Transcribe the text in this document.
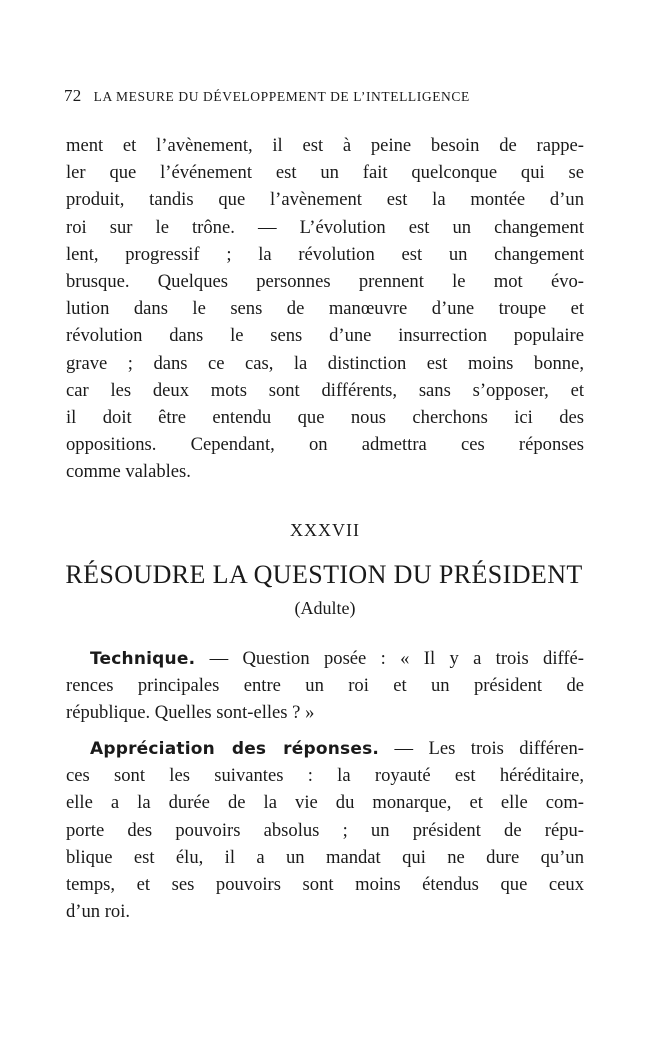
72 LA MESURE DU DÉVELOPPEMENT DE L’INTELLIGENCE
ment et l’avènement, il est à peine besoin de rappe-
ler que l’événement est un fait quelconque qui se
produit, tandis que l’avènement est la montée d’un
roi sur le trône. — L’évolution est un changement
lent, progressif ; la révolution est un changement
brusque. Quelques personnes prennent le mot évo-
lution dans le sens de manœuvre d’une troupe et
révolution dans le sens d’une insurrection populaire
grave ; dans ce cas, la distinction est moins bonne,
car les deux mots sont différents, sans s’opposer, et
il doit être entendu que nous cherchons ici des
oppositions. Cependant, on admettra ces réponses
comme valables.
XXXVII
RÉSOUDRE LA QUESTION DU PRÉSIDENT
(Adulte)
Technique. — Question posée : « Il y a trois diffé-
rences principales entre un roi et un président de
république. Quelles sont-elles ? »
Appréciation des réponses. — Les trois différen-
ces sont les suivantes : la royauté est héréditaire,
elle a la durée de la vie du monarque, et elle com-
porte des pouvoirs absolus ; un président de répu-
blique est élu, il a un mandat qui ne dure qu’un
temps, et ses pouvoirs sont moins étendus que ceux
d’un roi.
